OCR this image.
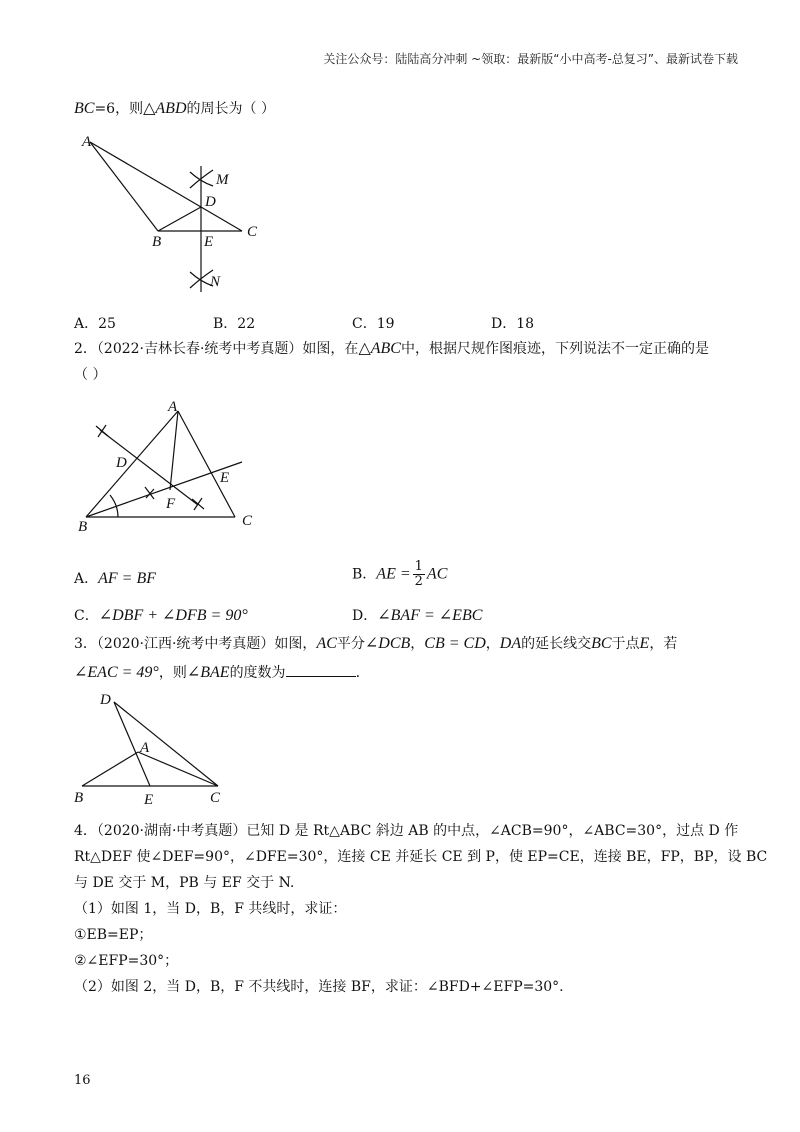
关注公众号：陆陆高分冲刺 ~领取：最新版“小中高考-总复习”、最新试卷下载
BC=6，则△ABD的周长为（ ）
A
M
D
C
B	E
N
A．25	B．22	C．19	D．18
2．（2022·吉林长春·统考中考真题）如图，在△ABC中，根据尺规作图痕迹，下列说法不一定正确的是
（ ）
A
D
E
F
B	C
A．AF = BF	B．AE = $\frac{1}{2}$ AC
C．∠DBF + ∠DFB = 90°	D．∠BAF = ∠EBC
3．（2020·江西·统考中考真题）如图，AC平分∠DCB，CB = CD，DA的延长线交BC于点E，若
∠EAC = 49°，则∠BAE的度数为	.
D
A
B	E	C
4．（2020·湖南·中考真题）已知 D 是 Rt△ABC 斜边 AB 的中点，∠ACB=90°，∠ABC=30°，过点 D 作
Rt△DEF 使∠DEF=90°，∠DFE=30°，连接 CE 并延长 CE 到 P，使 EP=CE，连接 BE，FP，BP，设 BC
与 DE 交于 M，PB 与 EF 交于 N.
（1）如图 1，当 D，B，F 共线时，求证：
①EB=EP；
②∠EFP=30°；
（2）如图 2，当 D，B，F 不共线时，连接 BF，求证：∠BFD+∠EFP=30°.
16
